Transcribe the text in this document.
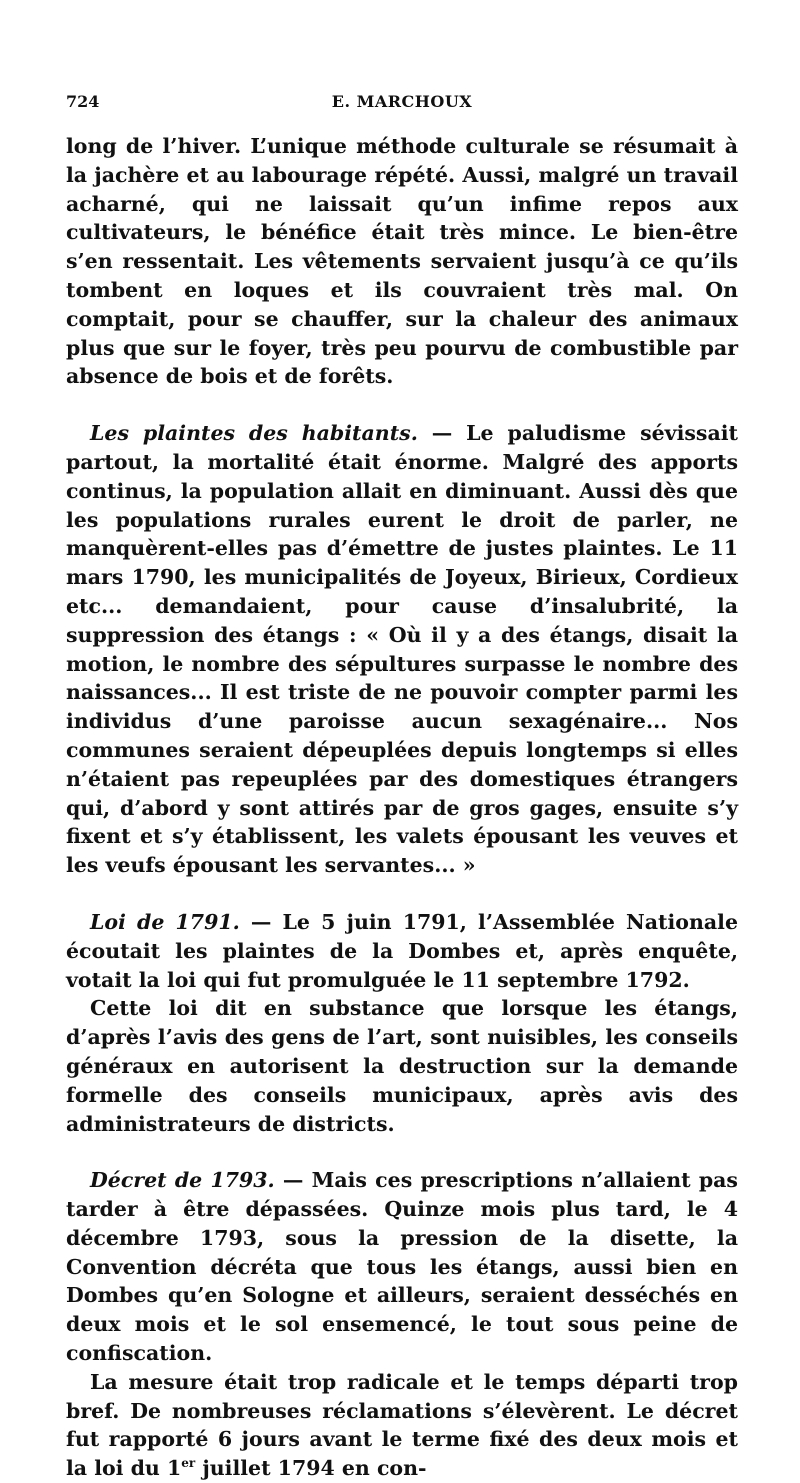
724	E. MARCHOUX

long de l’hiver. L’unique méthode culturale se résumait à la jachère et au labourage répété. Aussi, malgré un travail acharné, qui ne laissait qu’un infime repos aux cultivateurs, le bénéfice était très mince. Le bien-être s’en ressentait. Les vêtements servaient jusqu’à ce qu’ils tombent en loques et ils couvraient très mal. On comptait, pour se chauffer, sur la chaleur des animaux plus que sur le foyer, très peu pourvu de combustible par absence de bois et de forêts.

Les plaintes des habitants. — Le paludisme sévissait partout, la mortalité était énorme. Malgré des apports continus, la population allait en diminuant. Aussi dès que les populations rurales eurent le droit de parler, ne manquèrent-elles pas d’émettre de justes plaintes. Le 11 mars 1790, les municipalités de Joyeux, Birieux, Cordieux etc... demandaient, pour cause d’insalubrité, la suppression des étangs : « Où il y a des étangs, disait la motion, le nombre des sépultures surpasse le nombre des naissances... Il est triste de ne pouvoir compter parmi les individus d’une paroisse aucun sexagénaire... Nos communes seraient dépeuplées depuis longtemps si elles n’étaient pas repeuplées par des domestiques étrangers qui, d’abord y sont attirés par de gros gages, ensuite s’y fixent et s’y établissent, les valets épousant les veuves et les veufs épousant les servantes... »

Loi de 1791. — Le 5 juin 1791, l’Assemblée Nationale écoutait les plaintes de la Dombes et, après enquête, votait la loi qui fut promulguée le 11 septembre 1792.

Cette loi dit en substance que lorsque les étangs, d’après l’avis des gens de l’art, sont nuisibles, les conseils généraux en autorisent la destruction sur la demande formelle des conseils municipaux, après avis des administrateurs de districts.

Décret de 1793. — Mais ces prescriptions n’allaient pas tarder à être dépassées. Quinze mois plus tard, le 4 décembre 1793, sous la pression de la disette, la Convention décréta que tous les étangs, aussi bien en Dombes qu’en Sologne et ailleurs, seraient desséchés en deux mois et le sol ensemencé, le tout sous peine de confiscation.

La mesure était trop radicale et le temps départi trop bref. De nombreuses réclamations s’élevèrent. Le décret fut rapporté 6 jours avant le terme fixé des deux mois et la loi du 1er juillet 1794 en con-
